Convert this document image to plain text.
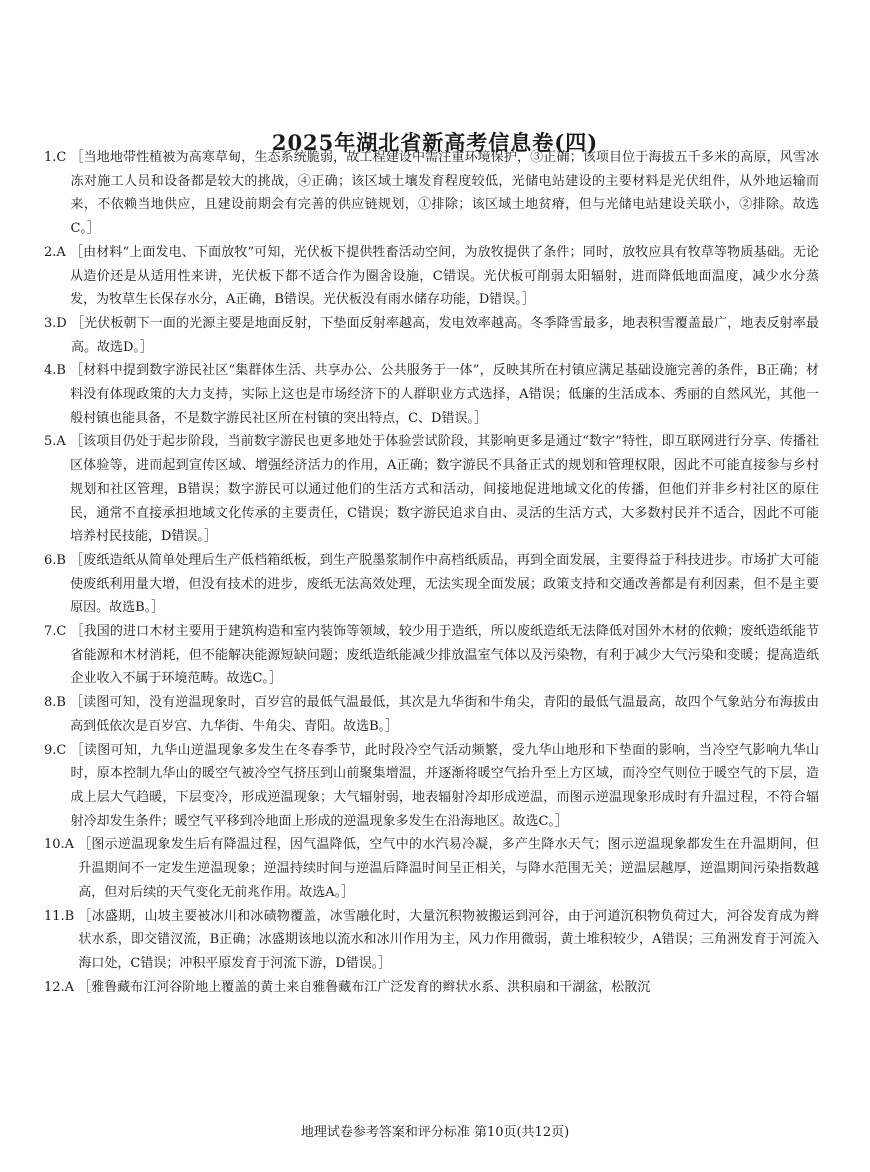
2025年湖北省新高考信息卷(四)
1.C ［当地地带性植被为高寒草甸，生态系统脆弱，故工程建设中需注重环境保护，③正确；该项目位于海拔五千多米的高原，风雪冰冻对施工人员和设备都是较大的挑战，④正确；该区域土壤发育程度较低，光储电站建设的主要材料是光伏组件，从外地运输而来，不依赖当地供应，且建设前期会有完善的供应链规划，①排除；该区域土地贫瘠，但与光储电站建设关联小，②排除。故选C。］
2.A ［由材料“上面发电、下面放牧”可知，光伏板下提供牲畜活动空间，为放牧提供了条件；同时，放牧应具有牧草等物质基础。无论从造价还是从适用性来讲，光伏板下都不适合作为圈舍设施，C错误。光伏板可削弱太阳辐射，进而降低地面温度，减少水分蒸发，为牧草生长保存水分，A正确，B错误。光伏板没有雨水储存功能，D错误。］
3.D ［光伏板朝下一面的光源主要是地面反射，下垫面反射率越高，发电效率越高。冬季降雪最多，地表积雪覆盖最广，地表反射率最高。故选D。］
4.B ［材料中提到数字游民社区“集群体生活、共享办公、公共服务于一体”，反映其所在村镇应满足基础设施完善的条件，B正确；材料没有体现政策的大力支持，实际上这也是市场经济下的人群职业方式选择，A错误；低廉的生活成本、秀丽的自然风光，其他一般村镇也能具备，不是数字游民社区所在村镇的突出特点，C、D错误。］
5.A ［该项目仍处于起步阶段，当前数字游民也更多地处于体验尝试阶段，其影响更多是通过“数字”特性，即互联网进行分享、传播社区体验等，进而起到宣传区域、增强经济活力的作用，A正确；数字游民不具备正式的规划和管理权限，因此不可能直接参与乡村规划和社区管理，B错误；数字游民可以通过他们的生活方式和活动，间接地促进地域文化的传播，但他们并非乡村社区的原住民，通常不直接承担地域文化传承的主要责任，C错误；数字游民追求自由、灵活的生活方式，大多数村民并不适合，因此不可能培养村民技能，D错误。］
6.B ［废纸造纸从简单处理后生产低档箱纸板，到生产脱墨浆制作中高档纸质品，再到全面发展，主要得益于科技进步。市场扩大可能使废纸利用量大增，但没有技术的进步，废纸无法高效处理，无法实现全面发展；政策支持和交通改善都是有利因素，但不是主要原因。故选B。］
7.C ［我国的进口木材主要用于建筑构造和室内装饰等领域，较少用于造纸，所以废纸造纸无法降低对国外木材的依赖；废纸造纸能节省能源和木材消耗，但不能解决能源短缺问题；废纸造纸能减少排放温室气体以及污染物，有利于减少大气污染和变暖；提高造纸企业收入不属于环境范畴。故选C。］
8.B ［读图可知，没有逆温现象时，百岁宫的最低气温最低，其次是九华街和牛角尖，青阳的最低气温最高，故四个气象站分布海拔由高到低依次是百岁宫、九华街、牛角尖、青阳。故选B。］
9.C ［读图可知，九华山逆温现象多发生在冬春季节，此时段冷空气活动频繁，受九华山地形和下垫面的影响，当冷空气影响九华山时，原本控制九华山的暖空气被冷空气挤压到山前聚集增温，并逐渐将暖空气抬升至上方区域，而冷空气则位于暖空气的下层，造成上层大气趋暖，下层变冷，形成逆温现象；大气辐射弱，地表辐射冷却形成逆温，而图示逆温现象形成时有升温过程，不符合辐射冷却发生条件；暖空气平移到冷地面上形成的逆温现象多发生在沿海地区。故选C。］
10.A ［图示逆温现象发生后有降温过程，因气温降低，空气中的水汽易冷凝，多产生降水天气；图示逆温现象都发生在升温期间，但升温期间不一定发生逆温现象；逆温持续时间与逆温后降温时间呈正相关，与降水范围无关；逆温层越厚，逆温期间污染指数越高，但对后续的天气变化无前兆作用。故选A。］
11.B ［冰盛期，山坡主要被冰川和冰碛物覆盖，冰雪融化时，大量沉积物被搬运到河谷，由于河道沉积物负荷过大，河谷发育成为辫状水系，即交错汊流，B正确；冰盛期该地以流水和冰川作用为主，风力作用微弱，黄土堆积较少，A错误；三角洲发育于河流入海口处，C错误；冲积平原发育于河流下游，D错误。］
12.A ［雅鲁藏布江河谷阶地上覆盖的黄土来自雅鲁藏布江广泛发育的辫状水系、洪积扇和干湖盆，松散沉
地理试卷参考答案和评分标准 第10页(共12页)
